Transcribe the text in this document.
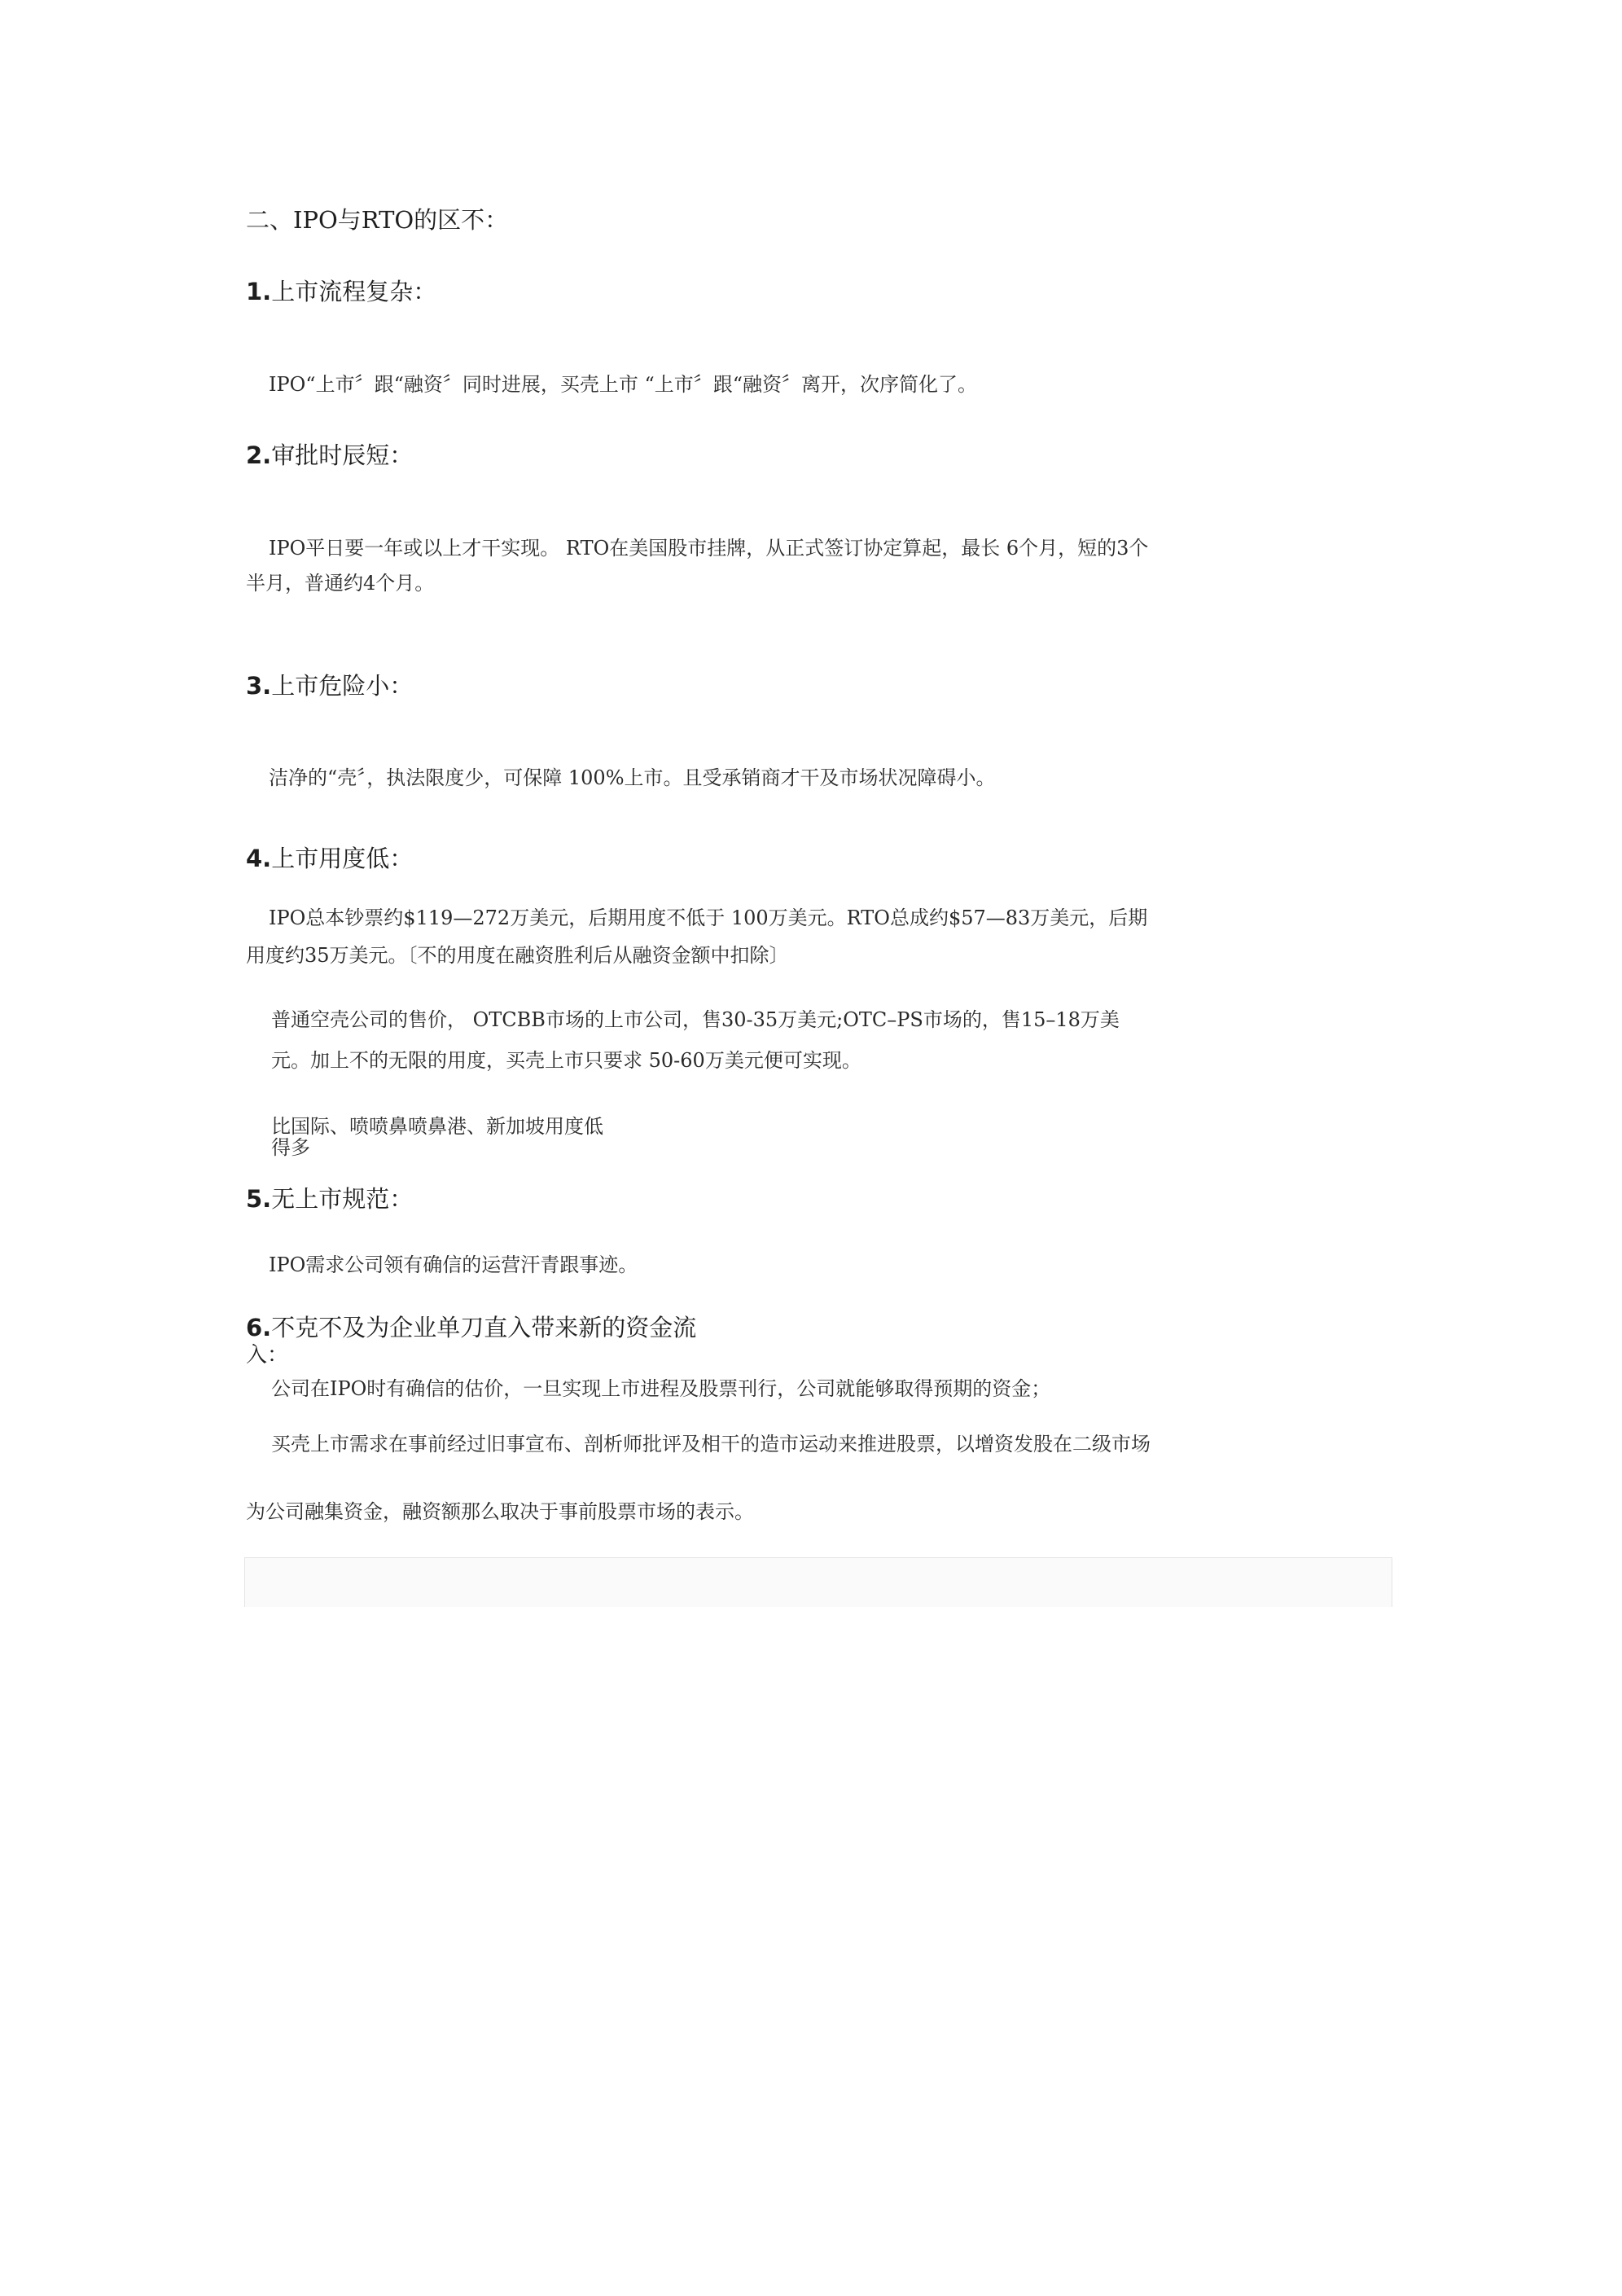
二、IPO与RTO的区不：
1.上市流程复杂：

IPO“上市〞跟“融资〞同时进展，买壳上市 “上市〞跟“融资〞离开，次序简化了。

2.审批时辰短：

IPO平日要一年或以上才干实现。 RTO在美国股市挂牌，从正式签订协定算起，最长 6个月，短的3个

半月，普通约4个月。

3.上市危险小：

洁净的“壳〞，执法限度少，可保障 100%上市。且受承销商才干及市场状况障碍小。

4.上市用度低：

IPO总本钞票约$119—272万美元，后期用度不低于 100万美元。RTO总成约$57—83万美元，后期

用度约35万美元。〔不的用度在融资胜利后从融资金额中扣除〕

普通空壳公司的售价， OTCBB市场的上市公司，售30-35万美元;OTC–PS市场的，售15–18万美

元。加上不的无限的用度，买壳上市只要求 50-60万美元便可实现。

比国际、喷喷鼻喷鼻港、新加坡用度低

得多

5.无上市规范：

IPO需求公司领有确信的运营汗青跟事迹。

6.不克不及为企业单刀直入带来新的资金流

入：

公司在IPO时有确信的估价，一旦实现上市进程及股票刊行，公司就能够取得预期的资金；

买壳上市需求在事前经过旧事宣布、剖析师批评及相干的造市运动来推进股票，以增资发股在二级市场

为公司融集资金，融资额那么取决于事前股票市场的表示。
